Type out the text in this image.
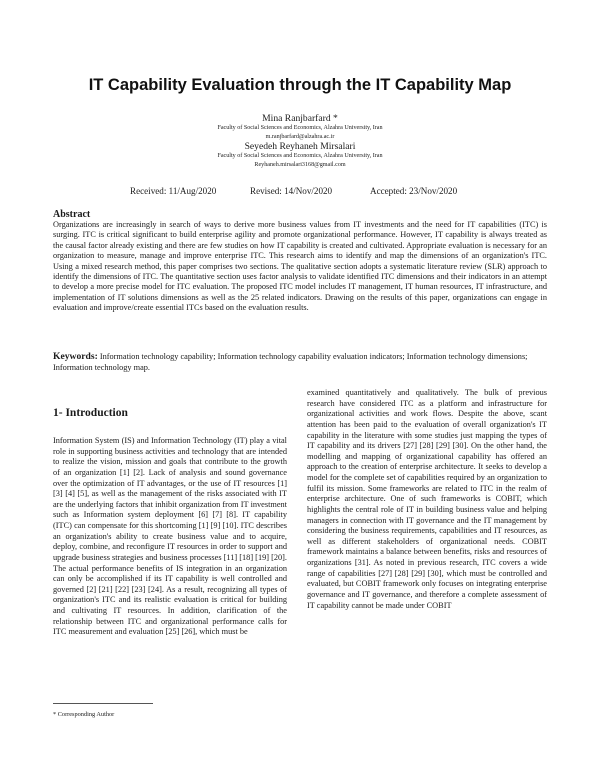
IT Capability Evaluation through the IT Capability Map
Mina Ranjbarfard *
Faculty of Social Sciences and Economics, Alzahra University, Iran
m.ranjbarfard@alzahra.ac.ir
Seyedeh Reyhaneh Mirsalari
Faculty of Social Sciences and Economics, Alzahra University, Iran
Reyhaneh.mirsalari3168@gmail.com
Received: 11/Aug/2020	Revised: 14/Nov/2020	Accepted: 23/Nov/2020
Abstract
Organizations are increasingly in search of ways to derive more business values from IT investments and the need for IT capabilities (ITC) is surging. ITC is critical significant to build enterprise agility and promote organizational performance. However, IT capability is always treated as the causal factor already existing and there are few studies on how IT capability is created and cultivated. Appropriate evaluation is necessary for an organization to measure, manage and improve enterprise ITC. This research aims to identify and map the dimensions of an organization's ITC. Using a mixed research method, this paper comprises two sections. The qualitative section adopts a systematic literature review (SLR) approach to identify the dimensions of ITC. The quantitative section uses factor analysis to validate identified ITC dimensions and their indicators in an attempt to develop a more precise model for ITC evaluation. The proposed ITC model includes IT management, IT human resources, IT infrastructure, and implementation of IT solutions dimensions as well as the 25 related indicators. Drawing on the results of this paper, organizations can engage in evaluation and improve/create essential ITCs based on the evaluation results.
Keywords: Information technology capability; Information technology capability evaluation indicators; Information technology dimensions; Information technology map.
1- Introduction
Information System (IS) and Information Technology (IT) play a vital role in supporting business activities and technology that are intended to realize the vision, mission and goals that contribute to the growth of an organization [1] [2]. Lack of analysis and sound governance over the optimization of IT advantages, or the use of IT resources [1] [3] [4] [5], as well as the management of the risks associated with IT are the underlying factors that inhibit organization from IT investment such as Information system deployment [6] [7] [8]. IT capability (ITC) can compensate for this shortcoming [1] [9] [10]. ITC describes an organization's ability to create business value and to acquire, deploy, combine, and reconfigure IT resources in order to support and upgrade business strategies and business processes [11] [18] [19] [20]. The actual performance benefits of IS integration in an organization can only be accomplished if its IT capability is well controlled and governed [2] [21] [22] [23] [24]. As a result, recognizing all types of organization's ITC and its realistic evaluation is critical for building and cultivating IT resources. In addition, clarification of the relationship between ITC and organizational performance calls for ITC measurement and evaluation [25] [26], which must be
examined quantitatively and qualitatively. The bulk of previous research have considered ITC as a platform and infrastructure for organizational activities and work flows. Despite the above, scant attention has been paid to the evaluation of overall organization's IT capability in the literature with some studies just mapping the types of IT capability and its drivers [27] [28] [29] [30]. On the other hand, the modelling and mapping of organizational capability has offered an approach to the creation of enterprise architecture. It seeks to develop a model for the complete set of capabilities required by an organization to fulfil its mission. Some frameworks are related to ITC in the realm of enterprise architecture. One of such frameworks is COBIT, which highlights the central role of IT in building business value and helping managers in connection with IT governance and the IT management by considering the business requirements, capabilities and IT resources, as well as different stakeholders of organizational needs. COBIT framework maintains a balance between benefits, risks and resources of organizations [31]. As noted in previous research, ITC covers a wide range of capabilities [27] [28] [29] [30], which must be controlled and evaluated, but COBIT framework only focuses on integrating enterprise governance and IT governance, and therefore a complete assessment of IT capability cannot be made under COBIT
* Corresponding Author
